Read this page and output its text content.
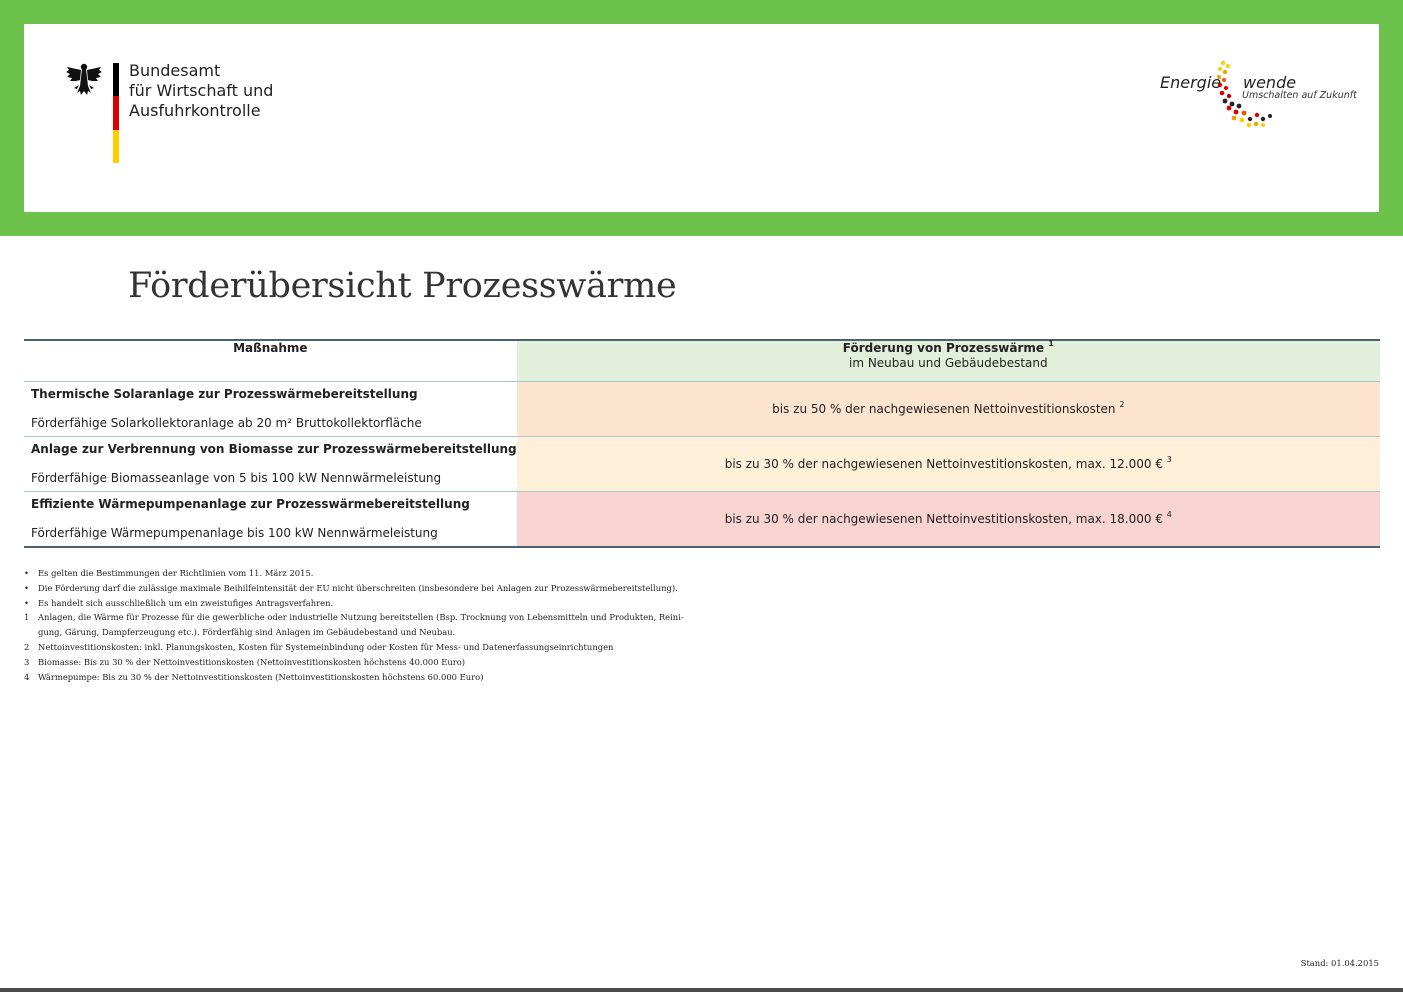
Bundesamt
für Wirtschaft und
Ausfuhrkontrolle
Energie wende
Umschalten auf Zukunft
Förderübersicht Prozesswärme
Maßnahme	Förderung von Prozesswärme $^1$
im Neubau und Gebäudebestand

Thermische Solaranlage zur Prozesswärmebereitstellung
Förderfähige Solarkollektoranlage ab 20 m² Bruttokollektorfläche	bis zu 50 % der nachgewiesenen Nettoinvestitionskosten $^2$

Anlage zur Verbrennung von Biomasse zur Prozesswärmebereitstellung
Förderfähige Biomasseanlage von 5 bis 100 kW Nennwärmeleistung	bis zu 30 % der nachgewiesenen Nettoinvestitionskosten, max. 12.000 € $^3$

Effiziente Wärmepumpenanlage zur Prozesswärmebereitstellung
Förderfähige Wärmepumpenanlage bis 100 kW Nennwärmeleistung	bis zu 30 % der nachgewiesenen Nettoinvestitionskosten, max. 18.000 € $^4$
• Es gelten die Bestimmungen der Richtlinien vom 11. März 2015.
• Die Förderung darf die zulässige maximale Beihilfeintensität der EU nicht überschreiten (insbesondere bei Anlagen zur Prozesswärmebereitstellung).
• Es handelt sich ausschließlich um ein zweistufiges Antragsverfahren.
1 Anlagen, die Wärme für Prozesse für die gewerbliche oder industrielle Nutzung bereitstellen (Bsp. Trocknung von Lebensmitteln und Produkten, Reini-
gung, Gärung, Dampferzeugung etc.). Förderfähig sind Anlagen im Gebäudebestand und Neubau.
2 Nettoinvestitionskosten: inkl. Planungskosten, Kosten für Systemeinbindung oder Kosten für Mess- und Datenerfassungseinrichtungen
3 Biomasse: Bis zu 30 % der Nettoinvestitionskosten (Nettoinvestitionskosten höchstens 40.000 Euro)
4 Wärmepumpe: Bis zu 30 % der Nettoinvestitionskosten (Nettoinvestitionskosten höchstens 60.000 Euro)
Stand: 01.04.2015
